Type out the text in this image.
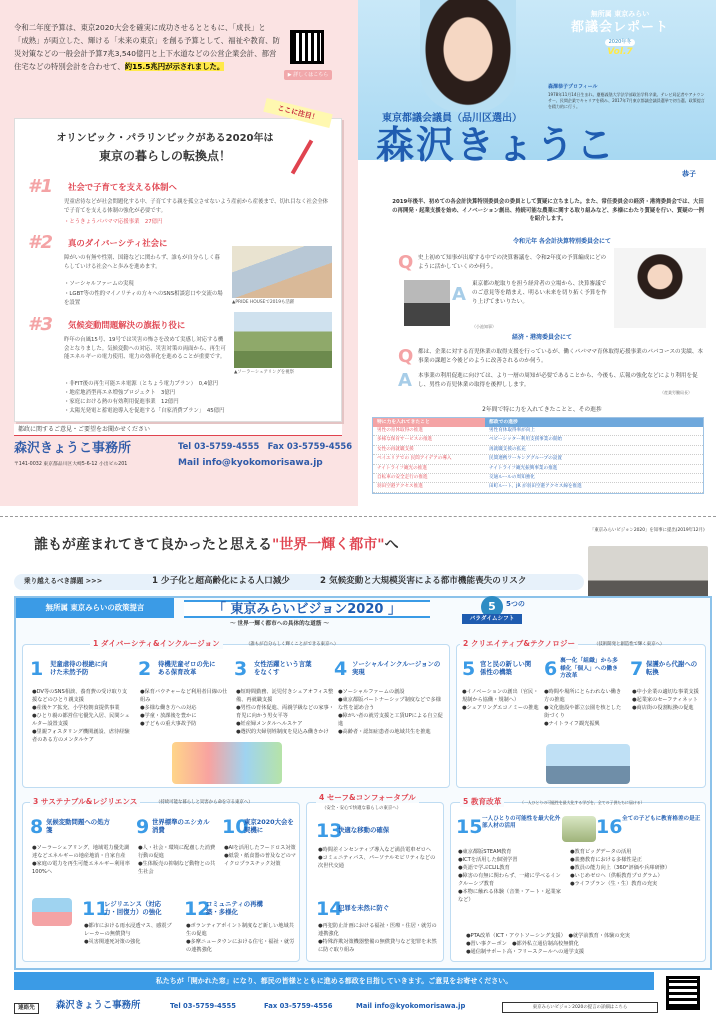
令和二年度予算は、東京2020大会を確実に成功させるとともに、「成長」と「成熟」が両立した、輝ける「未来の東京」を創る予算として、福祉や教育、防災対策などの一般会計予算7兆3,540億円と上下水道などの公営企業会計、都営住宅などの特別会計を合わせて、約15.5兆円が示されました。
▶ 詳しくはこちら
ここに注目！
オリンピック・パラリンピックがある2020年は
東京の暮らしの転換点！
#1 社会で子育てを支える体制へ
児童虐待などが社会問題化する中、子育てする親を孤立させないよう産前から産後まで、切れ目なく社会全体で子育てを支える体制の強化が必要です。
・とうきょうパパママ応援事業　27億円
#2 真のダイバーシティ社会に
障がいの有無や性別、国籍などに関わらず、誰もが自分らしく暮らしていける社会へと歩みを進めます。
・ソーシャルファームの実現
・LGBT等の性的マイノリティの方々へのSNS相談窓口や交流の場を設置	▲PRIDE HOUSEで2019も活躍
#3 気候変動問題解決の旗振り役に
昨年の台風15号、19号では災害の怖さを改めて実感し対応する機会となりました。気候変動への対応、災害対策の両面から、再生可能エネルギーの電力使用、電力の効率化を進めることが重要です。
・非FIT後の再生可能エネ電源（とちょう電力プラン）　0,4億円
・地産地消型再エネ増強プロジェクト　3億円
・家庭における熱の有効利用促進事業　12億円
・太陽光発電と蓄電池導入を促進する「自家消費プラン」　45億円
▲ソーラーシェアリングを視察
都政に関するご意見・ご要望をお聞かせください
森沢きょうこ事務所
〒141-0032 東京都品川区大崎5-6-12 小出ビル201
Tel 03-5759-4555　Fax 03-5759-4556
Mail info@kyokomorisawa.jp
無所属 東京みらい
都議会レポート
2020年冬
Vol.7
森澤恭子プロフィール
1978年11月14日生まれ。慶應義塾大学法学部政治学科卒業。テレビ局記者やアナウンサー、民間企業でキャリアを積み、2017年7月東京都議会議員選挙で初当選。政策提言を精力的に行う。
東京都議会議員（品川区選出）
森沢きょうこ
恭子
2019年後半、初めての各会計決算特別委員会の委員として質疑に立ちました。また、常任委員会の経済・港湾委員会では、大田の再開発・起業支援を始め、イノベーション創出、持続可能な農業に関する取り組みなど、多様にわたり質疑を行い、質疑の一例を紹介します。
令和元年 各会計決算特別委員会にて
Q 史上初めて知事が出席する中での決算審議を、令和2年度の予算編成にどのように活かしていくのか伺う。
A 東京都の舵取りを担う経営者の立場から、決算審議でのご意見等を踏まえ、明るい未来を切り拓く予算を作り上げてまいりたい。
（小池知事）
経済・港湾委員会にて
Q 都は、企業に対する育児休業の取得支援を行っているが、働くパパママ育休取得応援事業のパパコースの実績、本事業の課題と今後どのように改善されるのか伺う。
A 本事業の利用促進に向けては、より一層の周知が必要であることから、今後も、広報の強化などにより利用を促し、男性の育児休業の取得を後押しします。
（産業労働局長）
2年間で特に力を入れてきたことと、その進捗
特に力を入れてきたこと	都政での進捗
男性の育休取得の推進	男性育休取得率が向上
多様な保育サービスの推進	ベビーシッター利用支援事業の開始
女性の再就職支援	再就職支援の拡充
ベイエリアでの 民間アイデアの導入	民間連携ワーキンググループの設置
ナイトライフ観光の推進	ナイトライフ観光振興事業の推進
自転車の安全走行の推進	交通ルールの周知強化
羽田空港アクセス推進	田町ルート、JR が羽田空港アクセス線を推進
誰もが産まれてきて良かったと思える"世界一輝く都市"へ
乗り越えるべき課題 >>>	1 少子化と超高齢化による人口減少	2 気候変動と大規模災害による都市機能喪失のリスク
「東京みらいビジョン2020」を知事に提出(2019年12月)
無所属 東京みらいの政策提言	「 東京みらいビジョン2020 」
〜 世界一輝く都市への具体的な道筋 〜
5	5つの
パラダイムシフト
1 ダイバーシティ&インクルージョン	（誰もが自分らしく輝くことができる東京へ）	2 クリエイティブ&テクノロジー	（技術開発と創造性で輝く東京へ）
3 サステナブル&レジリエンス	（持続可能な暮らしと災害から命を守る東京へ）
4 セーフ&コンフォータブル
（安全・安心で快適な暮らしの東京へ）
5 教育改革	（一人ひとりの可能性を最大化する学びを、全ての子供たちに届ける）
1 児童虐待の根絶に向けた未然予防
●DV等のSNS相談、養育費の受け取り支援などのひとり親支援
●産後ケア拡充、小学校朝食提供事業
●ひとり親の都営住宅優先入居、民間シェルター設置支援
●里親フォスタリング機関創設、虐待経験者のある方のメンタルケア
2 待機児童ゼロの先にある保育改革
●保育バウチャーなど利用者目線の仕組み
●多様な働き方への対応
●学童・放課後を豊かに
●子どもの重大事故予防
3 女性活躍という言葉をなくす
●短時間勤務、託児付きシェアオフィス整備、再就職支援
●男性の育休促進、両親学級などの家事・育児に向かう男女平等
●妊産婦メンタルヘルスケア
●選択的夫婦別姓制度を見込み働きかけ
4 ソーシャルインクルージョンの実現
●ソーシャルファームの創設
●東京都版パートナーシップ制度などで多様な性を認め合う
●障がい者の就労支援と工賃UPによる自立促進
●高齢者・認知症患者の地域共生を推進
5 官と民の新しい関係性の構築
●イノベーションの創出（官民・規制から協働・規制へ）
●シェアリングエコノミーの推進
6 裏一化「組織」から多様化「個人」への働き方改革
●時間や場所にとらわれない働き方の推進
●文化施設や都立公園を核とした街づくり
●ナイトライフ観光振興
7 保護から代謝への転換
●中小企業の適切な事業支援
●起業家のセーフティネット
●商店街の役割転換の促進
8 気候変動問題への処方箋
●ソーラーシェアリング、地域電力優先調達などエネルギーの地産地消・自家自産
●家庭の電力を再生可能エネルギー利用率100%へ
9 世界標準のエシカル消費
●人・社会・環境に配慮した消費行動の促進
●生体販売の抑制など動物との共生社会
10
東京2020大会を契機に
●AIを活用したフードロス対策
●紙袋・紙食器の普及などのマイクロプラスチック対策
11
レジリエンス（対応力・回復力）の強化
●都市における雨水浸透マス、感震ブレーカーの無償貸与
●災害関連死対策の強化
12
コミュニティの再構築・多様化
●ボランティアポイント制度など新しい地域共生の促進
●多摩ニュータウンにおける住宅・福祉・就労の連携強化
13
快適な移動の確保
●時間差インセンティブ導入など満員電車ゼロへ
●コミュニティバス、パーソナルモビリティなどの次世代交通
14
犯罪を未然に防ぐ
●再犯防止計画における福祉・医療・住居・就労の連携強化
●特殊詐欺対策機器整備の無償貸与など犯罪を未然に防ぐ取り組み
15 一人ひとりの可能性を最大化外部人材の活用
●東京都版STEAM教育
●ICTを活用した個別学習
●英語で学ぶCLIL教育
●障害の有無に関わらず、一緒に学べるインクルーシブ教育
●本物に触れる体験（音楽・アート・起業家など）
16 全ての子どもに教育格差の是正
●教育ビッグデータの活用
●義務教育における多様性是正
●教員の能力向上（360°評価や兵庫研修）
●いじめゼロへ（供帳教育プログラム）
●ライフプラン（生・生）教育の充実
●PTA改革（ICT・アウトソーシング支援）　●就学前教育・体験の充実
●習い事クーポン　●都外私立通信制高校無償化
●通信制サポート高・フリースクールへの通学支援
私たちが「開かれた窓」になり、都民の皆様とともに進める都政を目指していきます。ご意見をお寄せください。
連絡先	森沢きょうこ事務所	Tel 03-5759-4555	Fax 03-5759-4556	Mail info@kyokomorisawa.jp	東京みらいビジョン2020の提言の詳細はこちら
